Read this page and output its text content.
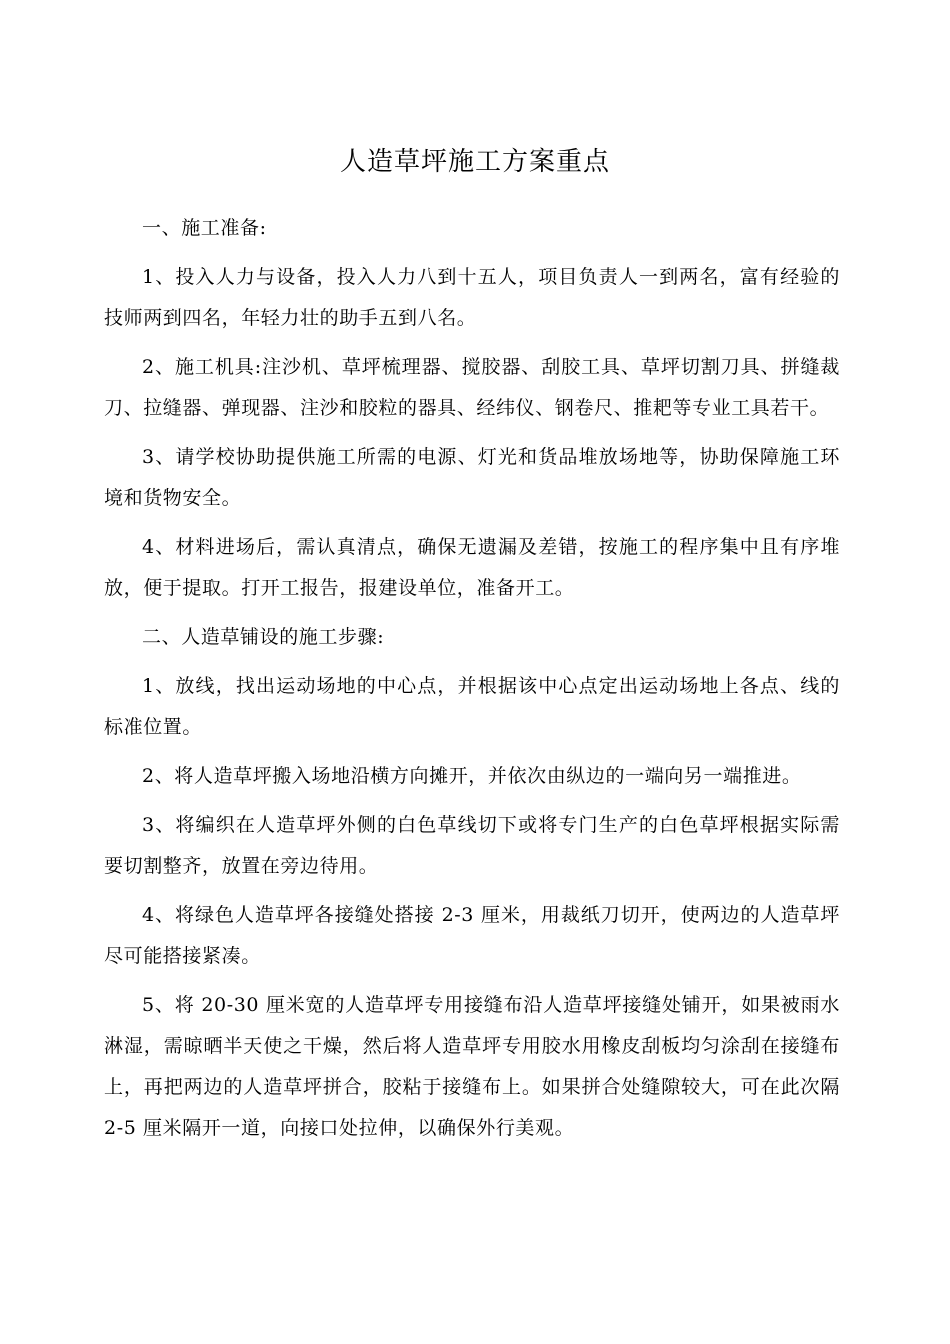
人造草坪施工方案重点

一、施工准备:

1、投入人力与设备，投入人力八到十五人，项目负责人一到两名，富有经验的技师两到四名，年轻力壮的助手五到八名。

2、施工机具:注沙机、草坪梳理器、搅胶器、刮胶工具、草坪切割刀具、拼缝裁刀、拉缝器、弹现器、注沙和胶粒的器具、经纬仪、钢卷尺、推耙等专业工具若干。

3、请学校协助提供施工所需的电源、灯光和货品堆放场地等，协助保障施工环境和货物安全。

4、材料进场后，需认真清点，确保无遗漏及差错，按施工的程序集中且有序堆放，便于提取。打开工报告，报建设单位，准备开工。

二、人造草铺设的施工步骤:

1、放线，找出运动场地的中心点，并根据该中心点定出运动场地上各点、线的标准位置。

2、将人造草坪搬入场地沿横方向摊开，并依次由纵边的一端向另一端推进。

3、将编织在人造草坪外侧的白色草线切下或将专门生产的白色草坪根据实际需要切割整齐，放置在旁边待用。

4、将绿色人造草坪各接缝处搭接 2-3 厘米，用裁纸刀切开，使两边的人造草坪尽可能搭接紧凑。

5、将 20-30 厘米宽的人造草坪专用接缝布沿人造草坪接缝处铺开，如果被雨水淋湿，需晾晒半天使之干燥，然后将人造草坪专用胶水用橡皮刮板均匀涂刮在接缝布上，再把两边的人造草坪拼合，胶粘于接缝布上。如果拼合处缝隙较大，可在此次隔 2-5 厘米隔开一道，向接口处拉伸，以确保外行美观。
